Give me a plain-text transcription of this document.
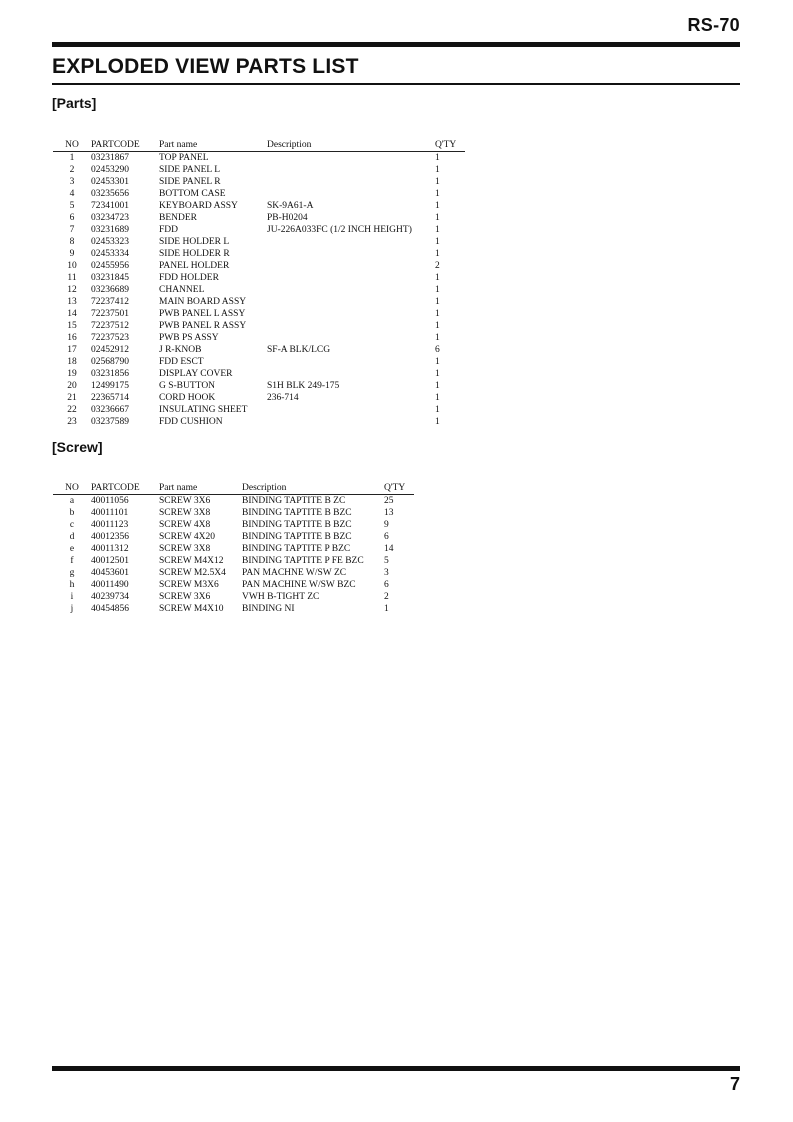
RS-70
EXPLODED VIEW PARTS LIST
[Parts]
NO	PARTCODE	Part name	Description	Q'TY
1	03231867	TOP PANEL		1
2	02453290	SIDE PANEL L		1
3	02453301	SIDE PANEL R		1
4	03235656	BOTTOM CASE		1
5	72341001	KEYBOARD ASSY	SK-9A61-A	1
6	03234723	BENDER	PB-H0204	1
7	03231689	FDD	JU-226A033FC (1/2 INCH HEIGHT)	1
8	02453323	SIDE HOLDER L		1
9	02453334	SIDE HOLDER R		1
10	02455956	PANEL HOLDER		2
11	03231845	FDD HOLDER		1
12	03236689	CHANNEL		1
13	72237412	MAIN BOARD ASSY		1
14	72237501	PWB PANEL L ASSY		1
15	72237512	PWB PANEL R ASSY		1
16	72237523	PWB PS ASSY		1
17	02452912	J R-KNOB	SF-A BLK/LCG	6
18	02568790	FDD ESCT		1
19	03231856	DISPLAY COVER		1
20	12499175	G S-BUTTON	S1H BLK 249-175	1
21	22365714	CORD HOOK	236-714	1
22	03236667	INSULATING SHEET		1
23	03237589	FDD CUSHION		1
[Screw]
NO	PARTCODE	Part name	Description	Q'TY
a	40011056	SCREW 3X6	BINDING TAPTITE B ZC	25
b	40011101	SCREW 3X8	BINDING TAPTITE B BZC	13
c	40011123	SCREW 4X8	BINDING TAPTITE B BZC	9
d	40012356	SCREW 4X20	BINDING TAPTITE B BZC	6
e	40011312	SCREW 3X8	BINDING TAPTITE P BZC	14
f	40012501	SCREW M4X12	BINDING TAPTITE P FE BZC	5
g	40453601	SCREW M2.5X4	PAN MACHNE W/SW ZC	3
h	40011490	SCREW M3X6	PAN MACHINE W/SW BZC	6
i	40239734	SCREW 3X6	VWH B-TIGHT ZC	2
j	40454856	SCREW M4X10	BINDING NI	1
7
